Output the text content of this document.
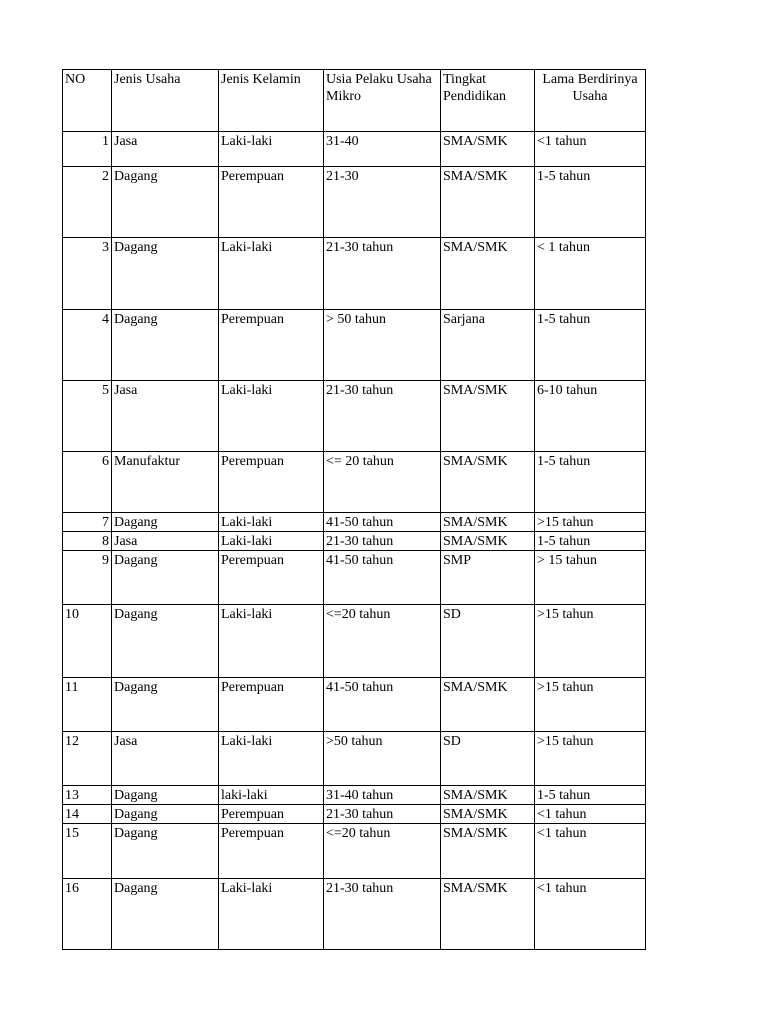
NO	Jenis Usaha	Jenis Kelamin	Usia Pelaku Usaha Mikro	Tingkat Pendidikan	Lama Berdirinya Usaha
1	Jasa	Laki-laki	31-40	SMA/SMK	<1 tahun
2	Dagang	Perempuan	21-30	SMA/SMK	1-5 tahun
3	Dagang	Laki-laki	21-30 tahun	SMA/SMK	< 1 tahun
4	Dagang	Perempuan	> 50 tahun	Sarjana	1-5 tahun
5	Jasa	Laki-laki	21-30 tahun	SMA/SMK	6-10 tahun
6	Manufaktur	Perempuan	<= 20 tahun	SMA/SMK	1-5 tahun
7	Dagang	Laki-laki	41-50 tahun	SMA/SMK	>15 tahun
8	Jasa	Laki-laki	21-30 tahun	SMA/SMK	1-5 tahun
9	Dagang	Perempuan	41-50 tahun	SMP	> 15 tahun
10	Dagang	Laki-laki	<=20 tahun	SD	>15 tahun
11	Dagang	Perempuan	41-50 tahun	SMA/SMK	>15 tahun
12	Jasa	Laki-laki	>50 tahun	SD	>15 tahun
13	Dagang	laki-laki	31-40 tahun	SMA/SMK	1-5 tahun
14	Dagang	Perempuan	21-30 tahun	SMA/SMK	<1 tahun
15	Dagang	Perempuan	<=20 tahun	SMA/SMK	<1 tahun
16	Dagang	Laki-laki	21-30 tahun	SMA/SMK	<1 tahun
